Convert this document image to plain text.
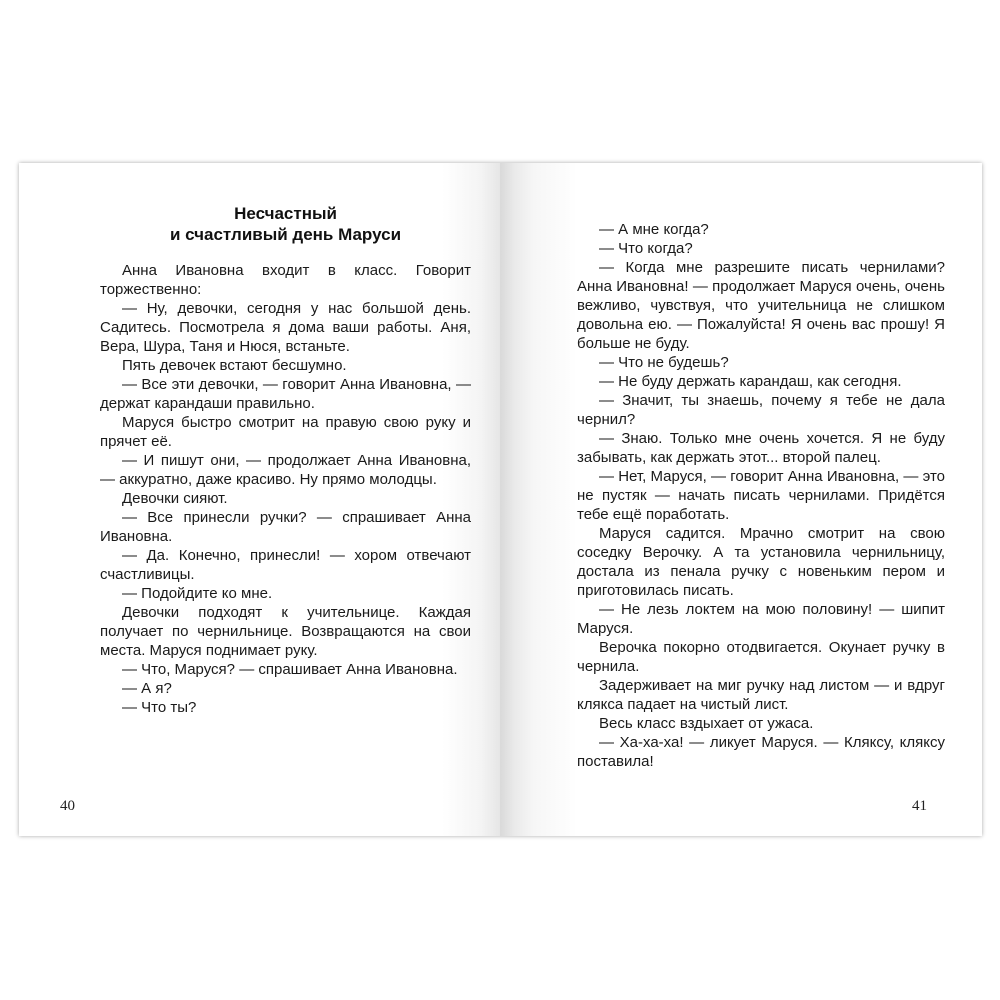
Несчастный
и счастливый день Маруси

Анна Ивановна входит в класс. Говорит торжественно:

— Ну, девочки, сегодня у нас большой день. Садитесь. Посмотрела я дома ваши работы. Аня, Вера, Шура, Таня и Нюся, встаньте.

Пять девочек встают бесшумно.

— Все эти девочки, — говорит Анна Ивановна, — держат карандаши правильно.

Маруся быстро смотрит на правую свою руку и прячет её.

— И пишут они, — продолжает Анна Ивановна, — аккуратно, даже красиво. Ну прямо молодцы.

Девочки сияют.

— Все принесли ручки? — спрашивает Анна Ивановна.

— Да. Конечно, принесли! — хором отвечают счастливицы.

— Подойдите ко мне.

Девочки подходят к учительнице. Каждая получает по чернильнице. Возвращаются на свои места. Маруся поднимает руку.

— Что, Маруся? — спрашивает Анна Ивановна.

— А я?

— Что ты?

40

— А мне когда?

— Что когда?

— Когда мне разрешите писать чернилами? Анна Ивановна! — продолжает Маруся очень, очень вежливо, чувствуя, что учительница не слишком довольна ею. — Пожалуйста! Я очень вас прошу! Я больше не буду.

— Что не будешь?

— Не буду держать карандаш, как сегодня.

— Значит, ты знаешь, почему я тебе не дала чернил?

— Знаю. Только мне очень хочется. Я не буду забывать, как держать этот... второй палец.

— Нет, Маруся, — говорит Анна Ивановна, — это не пустяк — начать писать чернилами. Придётся тебе ещё поработать.

Маруся садится. Мрачно смотрит на свою соседку Верочку. А та установила чернильницу, достала из пенала ручку с новеньким пером и приготовилась писать.

— Не лезь локтем на мою половину! — шипит Маруся.

Верочка покорно отодвигается. Окунает ручку в чернила.

Задерживает на миг ручку над листом — и вдруг клякса падает на чистый лист.

Весь класс вздыхает от ужаса.

— Ха-ха-ха! — ликует Маруся. — Кляксу, кляксу поставила!

41
